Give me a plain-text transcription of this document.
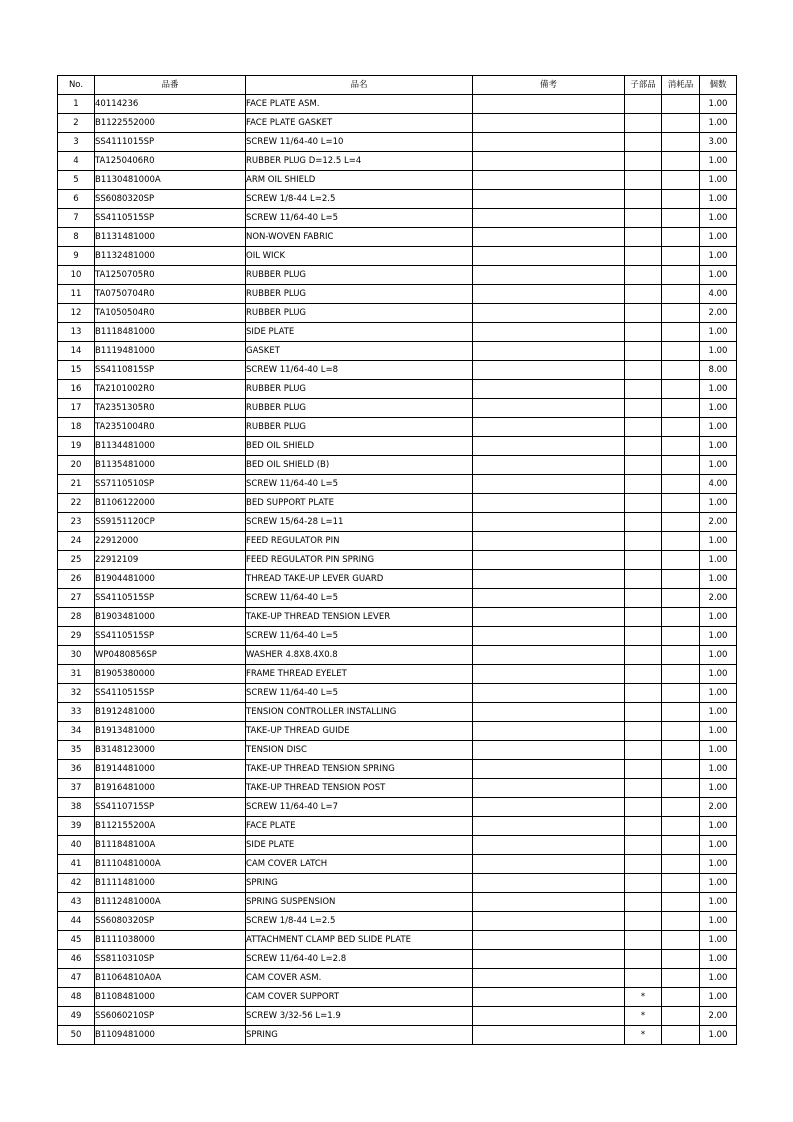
No.	品番	品名	備考	子部品	消耗品	個数
1	40114236	FACE PLATE ASM.				1.00
2	B1122552000	FACE PLATE GASKET				1.00
3	SS4111015SP	SCREW 11/64-40 L=10				3.00
4	TA1250406R0	RUBBER PLUG D=12.5 L=4				1.00
5	B1130481000A	ARM OIL SHIELD				1.00
6	SS6080320SP	SCREW 1/8-44 L=2.5				1.00
7	SS4110515SP	SCREW 11/64-40 L=5				1.00
8	B1131481000	NON-WOVEN FABRIC				1.00
9	B1132481000	OIL WICK				1.00
10	TA1250705R0	RUBBER PLUG				1.00
11	TA0750704R0	RUBBER PLUG				4.00
12	TA1050504R0	RUBBER PLUG				2.00
13	B1118481000	SIDE PLATE				1.00
14	B1119481000	GASKET				1.00
15	SS4110815SP	SCREW 11/64-40 L=8				8.00
16	TA2101002R0	RUBBER PLUG				1.00
17	TA2351305R0	RUBBER PLUG				1.00
18	TA2351004R0	RUBBER PLUG				1.00
19	B1134481000	BED OIL SHIELD				1.00
20	B1135481000	BED OIL SHIELD (B)				1.00
21	SS7110510SP	SCREW 11/64-40 L=5				4.00
22	B1106122000	BED SUPPORT PLATE				1.00
23	SS9151120CP	SCREW 15/64-28 L=11				2.00
24	22912000	FEED REGULATOR PIN				1.00
25	22912109	FEED REGULATOR PIN SPRING				1.00
26	B1904481000	THREAD TAKE-UP LEVER GUARD				1.00
27	SS4110515SP	SCREW 11/64-40 L=5				2.00
28	B1903481000	TAKE-UP THREAD TENSION LEVER				1.00
29	SS4110515SP	SCREW 11/64-40 L=5				1.00
30	WP0480856SP	WASHER 4.8X8.4X0.8				1.00
31	B1905380000	FRAME THREAD EYELET				1.00
32	SS4110515SP	SCREW 11/64-40 L=5				1.00
33	B1912481000	TENSION CONTROLLER INSTALLING				1.00
34	B1913481000	TAKE-UP THREAD GUIDE				1.00
35	B3148123000	TENSION DISC				1.00
36	B1914481000	TAKE-UP THREAD TENSION SPRING				1.00
37	B1916481000	TAKE-UP THREAD TENSION POST				1.00
38	SS4110715SP	SCREW 11/64-40 L=7				2.00
39	B112155200A	FACE PLATE				1.00
40	B111848100A	SIDE PLATE				1.00
41	B1110481000A	CAM COVER LATCH				1.00
42	B1111481000	SPRING				1.00
43	B1112481000A	SPRING SUSPENSION				1.00
44	SS6080320SP	SCREW 1/8-44 L=2.5				1.00
45	B1111038000	ATTACHMENT CLAMP BED SLIDE PLATE				1.00
46	SS8110310SP	SCREW 11/64-40 L=2.8				1.00
47	B11064810A0A	CAM COVER ASM.				1.00
48	B1108481000	CAM COVER SUPPORT		*		1.00
49	SS6060210SP	SCREW 3/32-56 L=1.9		*		2.00
50	B1109481000	SPRING		*		1.00
